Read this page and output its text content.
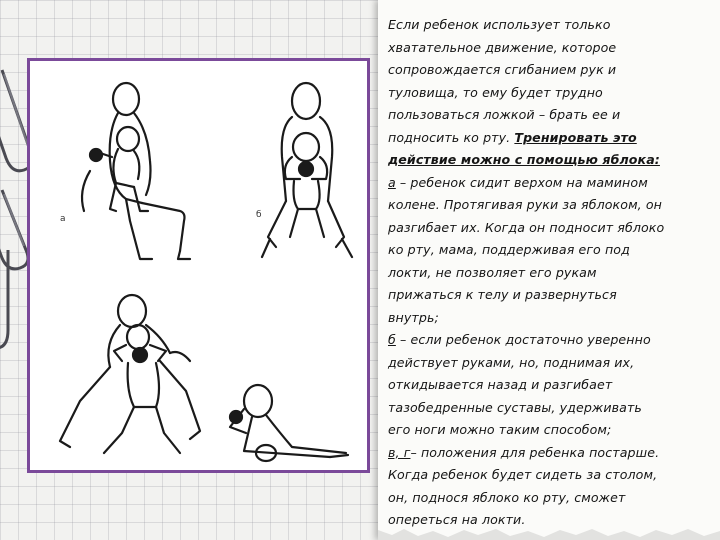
а	б
Если ребенок использует только
хватательное движение, которое
сопровождается сгибанием рук и
туловища, то ему будет трудно
пользоваться ложкой – брать ее и
подносить ко рту. Тренировать это
действие можно с помощью яблока:
а – ребенок сидит верхом на мамином
колене. Протягивая руки за яблоком, он
разгибает их. Когда он подносит яблоко
ко рту, мама, поддерживая его под
локти, не позволяет его рукам
прижаться к телу и развернуться
внутрь;
б – если ребенок достаточно уверенно
действует руками, но, поднимая их,
откидывается назад и разгибает
тазобедренные суставы, удерживать
его ноги можно таким способом;
в, г– положения для ребенка постарше.
Когда ребенок будет сидеть за столом,
он, поднося яблоко ко рту, сможет
опереться на локти.
